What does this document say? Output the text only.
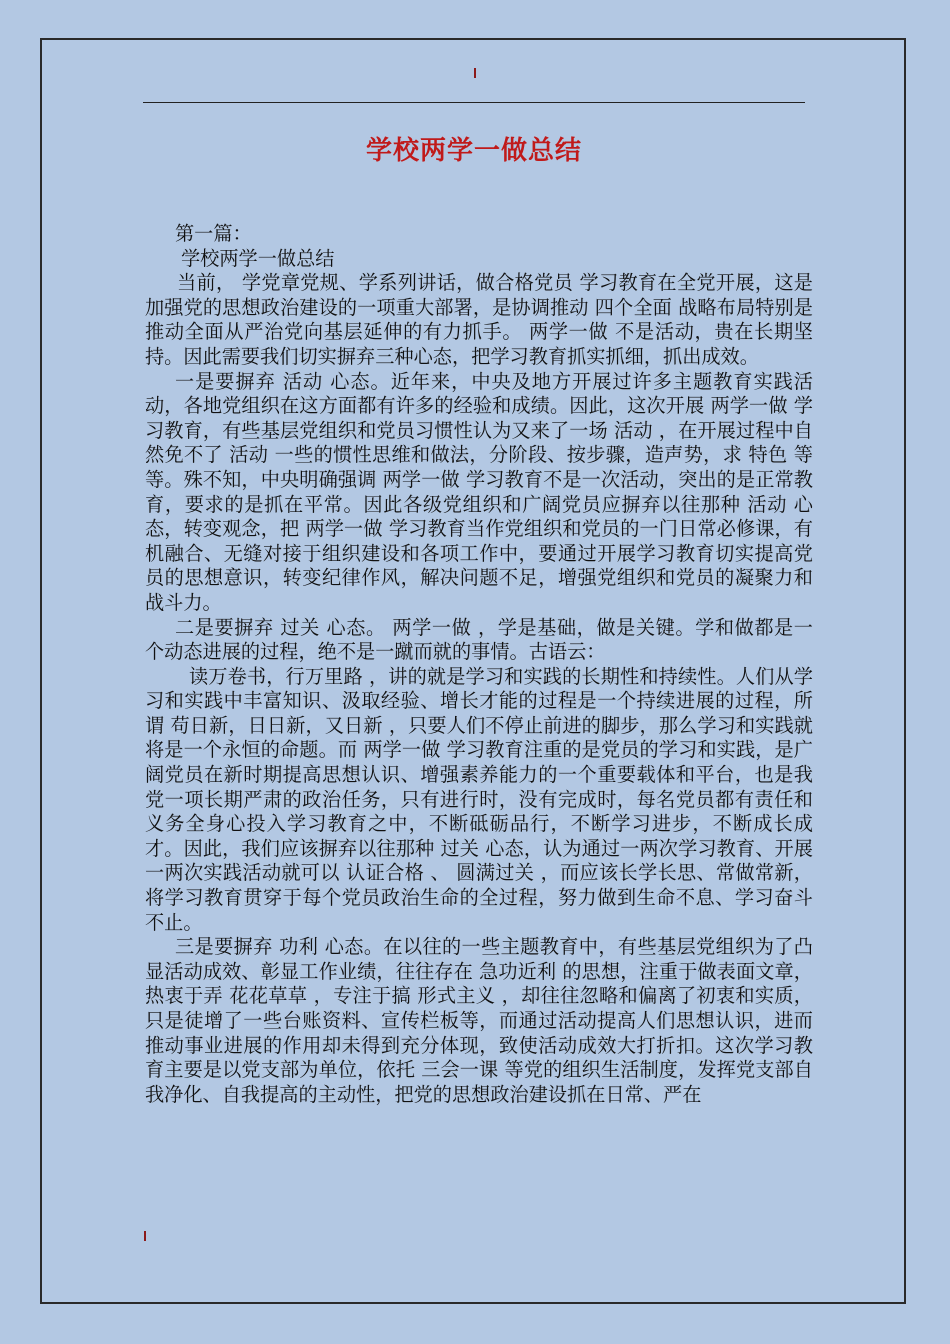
学校两学一做总结

第一篇：

学校两学一做总结

当前， 学党章党规、学系列讲话，做合格党员 学习教育在全党开展，这是加强党的思想政治建设的一项重大部署，是协调推动 四个全面 战略布局特别是推动全面从严治党向基层延伸的有力抓手。 两学一做 不是活动，贵在长期坚持。因此需要我们切实摒弃三种心态，把学习教育抓实抓细，抓出成效。

一是要摒弃 活动 心态。近年来，中央及地方开展过许多主题教育实践活动，各地党组织在这方面都有许多的经验和成绩。因此，这次开展 两学一做 学习教育，有些基层党组织和党员习惯性认为又来了一场 活动 ，在开展过程中自然免不了 活动 一些的惯性思维和做法，分阶段、按步骤，造声势，求 特色 等等。殊不知，中央明确强调 两学一做 学习教育不是一次活动，突出的是正常教育，要求的是抓在平常。因此各级党组织和广阔党员应摒弃以往那种 活动 心态，转变观念，把 两学一做 学习教育当作党组织和党员的一门日常必修课，有机融合、无缝对接于组织建设和各项工作中，要通过开展学习教育切实提高党员的思想意识，转变纪律作风，解决问题不足，增强党组织和党员的凝聚力和战斗力。

二是要摒弃 过关 心态。 两学一做 ，学是基础，做是关键。学和做都是一个动态进展的过程，绝不是一蹴而就的事情。古语云：

读万卷书，行万里路 ，讲的就是学习和实践的长期性和持续性。人们从学习和实践中丰富知识、汲取经验、增长才能的过程是一个持续进展的过程，所谓 苟日新，日日新，又日新 ，只要人们不停止前进的脚步，那么学习和实践就将是一个永恒的命题。而 两学一做 学习教育注重的是党员的学习和实践，是广阔党员在新时期提高思想认识、增强素养能力的一个重要载体和平台，也是我党一项长期严肃的政治任务，只有进行时，没有完成时，每名党员都有责任和义务全身心投入学习教育之中，不断砥砺品行，不断学习进步，不断成长成才。因此，我们应该摒弃以往那种 过关 心态，认为通过一两次学习教育、开展一两次实践活动就可以 认证合格 、 圆满过关 ，而应该长学长思、常做常新，将学习教育贯穿于每个党员政治生命的全过程，努力做到生命不息、学习奋斗不止。

三是要摒弃 功利 心态。在以往的一些主题教育中，有些基层党组织为了凸显活动成效、彰显工作业绩，往往存在 急功近利 的思想，注重于做表面文章，热衷于弄 花花草草 ，专注于搞 形式主义 ，却往往忽略和偏离了初衷和实质，只是徒增了一些台账资料、宣传栏板等，而通过活动提高人们思想认识，进而推动事业进展的作用却未得到充分体现，致使活动成效大打折扣。这次学习教育主要是以党支部为单位，依托 三会一课 等党的组织生活制度，发挥党支部自我净化、自我提高的主动性，把党的思想政治建设抓在日常、严在
